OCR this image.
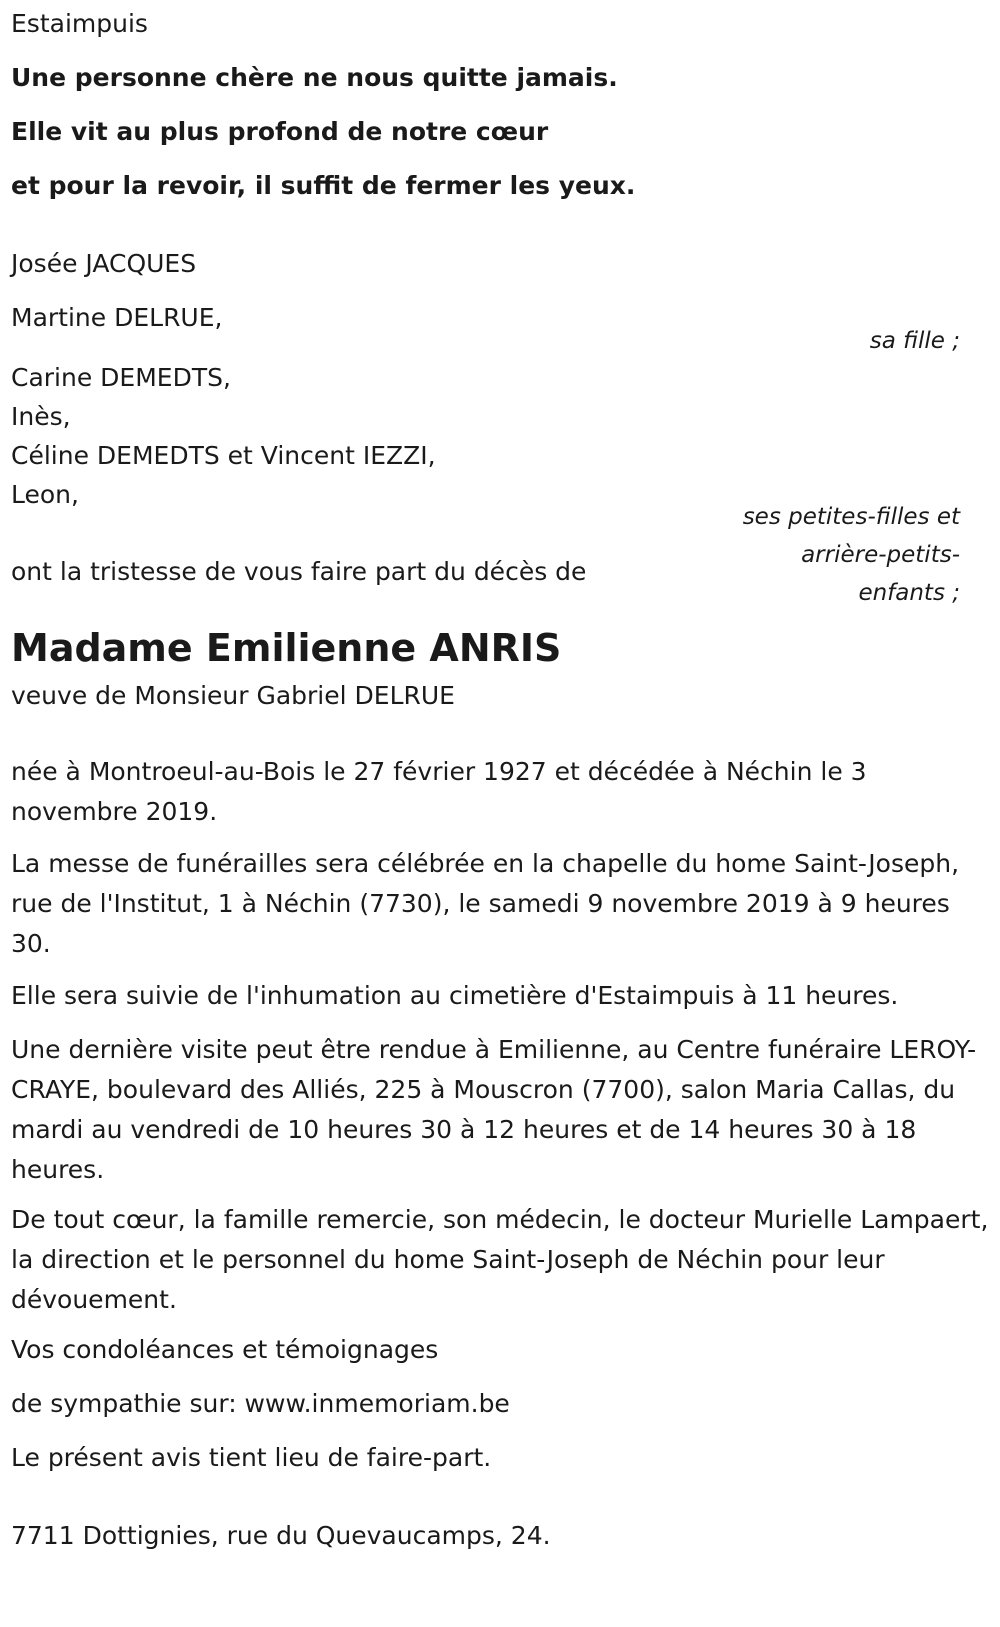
Estaimpuis
Une personne chère ne nous quitte jamais.
Elle vit au plus profond de notre cœur
et pour la revoir, il suffit de fermer les yeux.
Josée JACQUES
Martine DELRUE,
sa fille ;
Carine DEMEDTS,
Inès,
Céline DEMEDTS et Vincent IEZZI,
Leon,
ses petites-filles et
arrière-petits-
enfants ;
ont la tristesse de vous faire part du décès de
Madame Emilienne ANRIS
veuve de Monsieur Gabriel DELRUE
née à Montroeul-au-Bois le 27 février 1927 et décédée à Néchin le 3 novembre 2019.
La messe de funérailles sera célébrée en la chapelle du home Saint-Joseph, rue de l'Institut, 1 à Néchin (7730), le samedi 9 novembre 2019 à 9 heures 30.
Elle sera suivie de l'inhumation au cimetière d'Estaimpuis à 11 heures.
Une dernière visite peut être rendue à Emilienne, au Centre funéraire LEROY-CRAYE, boulevard des Alliés, 225 à Mouscron (7700), salon Maria Callas, du mardi au vendredi de 10 heures 30 à 12 heures et de 14 heures 30 à 18 heures.
De tout cœur, la famille remercie, son médecin, le docteur Murielle Lampaert, la direction et le personnel du home Saint-Joseph de Néchin pour leur dévouement.
Vos condoléances et témoignages
de sympathie sur: www.inmemoriam.be
Le présent avis tient lieu de faire-part.
7711 Dottignies, rue du Quevaucamps, 24.
